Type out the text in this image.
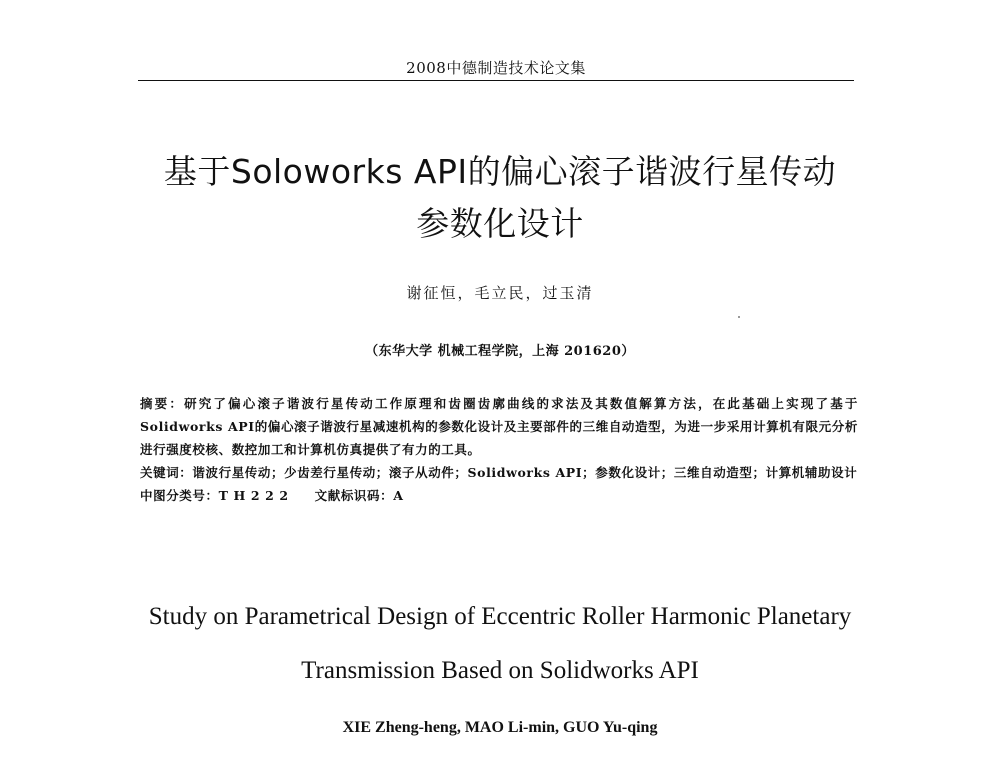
2008中德制造技术论文集
基于Soloworks API的偏心滚子谐波行星传动
参数化设计
谢征恒，毛立民，过玉清
（东华大学 机械工程学院，上海 201620）

摘要：研究了偏心滚子谐波行星传动工作原理和齿圈齿廓曲线的求法及其数值解算方法，在此基础上实现了基于Solidworks API的偏心滚子谐波行星减速机构的参数化设计及主要部件的三维自动造型，为进一步采用计算机有限元分析进行强度校核、数控加工和计算机仿真提供了有力的工具。

关键词：谐波行星传动；少齿差行星传动；滚子从动件；Solidworks API；参数化设计；三维自动造型；计算机辅助设计

中图分类号：T H 2 2 2 文献标识码：A

Study on Parametrical Design of Eccentric Roller Harmonic Planetary
Transmission Based on Solidworks API
XIE Zheng-heng, MAO Li-min, GUO Yu-qing
